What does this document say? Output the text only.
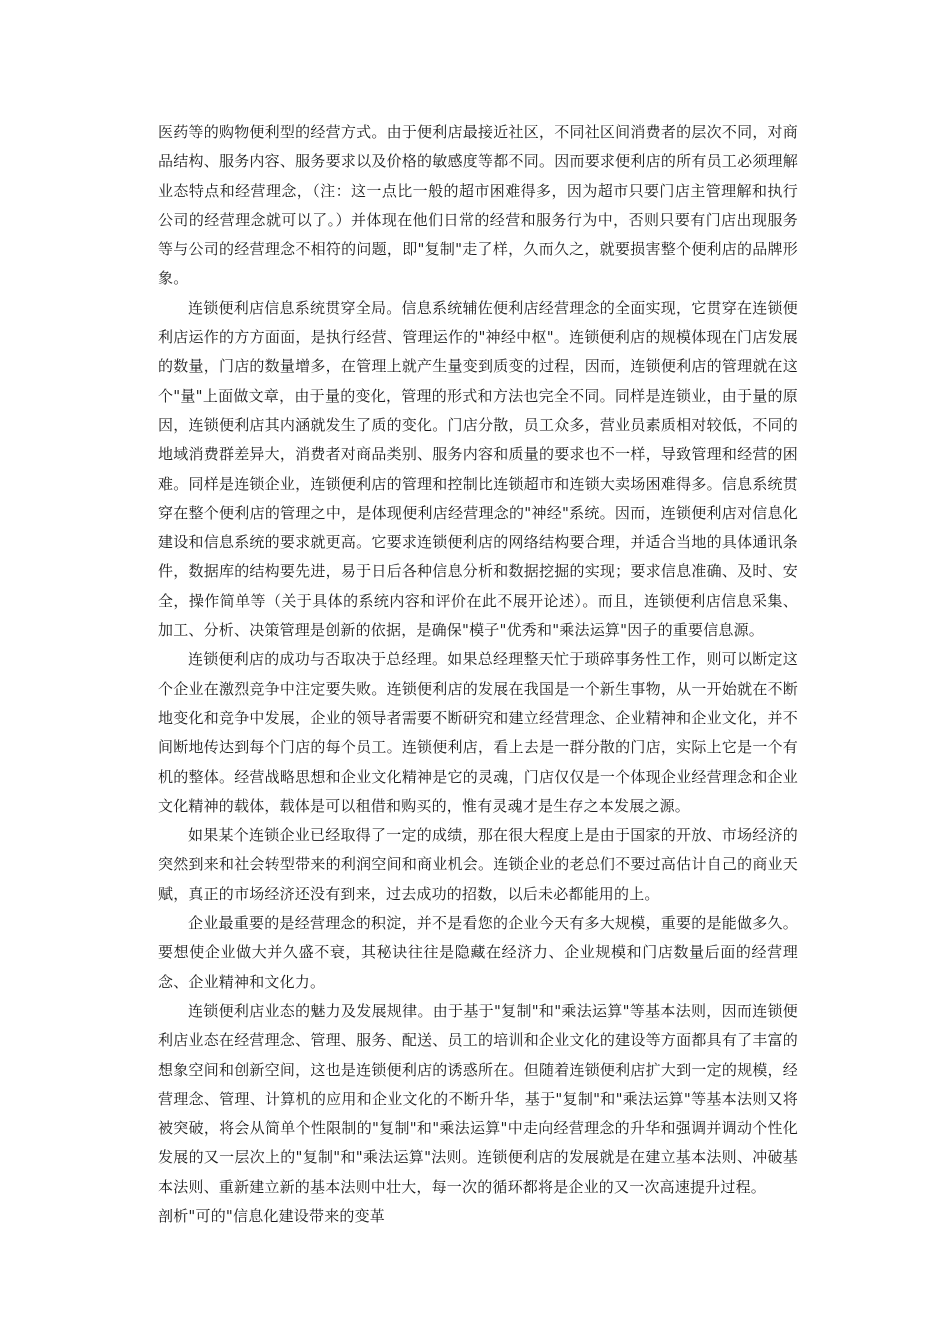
医药等的购物便利型的经营方式。由于便利店最接近社区，不同社区间消费者的层次不同，对商品结构、服务内容、服务要求以及价格的敏感度等都不同。因而要求便利店的所有员工必须理解业态特点和经营理念，（注：这一点比一般的超市困难得多，因为超市只要门店主管理解和执行公司的经营理念就可以了。）并体现在他们日常的经营和服务行为中，否则只要有门店出现服务等与公司的经营理念不相符的问题，即"复制"走了样，久而久之，就要损害整个便利店的品牌形象。

连锁便利店信息系统贯穿全局。信息系统辅佐便利店经营理念的全面实现，它贯穿在连锁便利店运作的方方面面，是执行经营、管理运作的"神经中枢"。连锁便利店的规模体现在门店发展的数量，门店的数量增多，在管理上就产生量变到质变的过程，因而，连锁便利店的管理就在这个"量"上面做文章，由于量的变化，管理的形式和方法也完全不同。同样是连锁业，由于量的原因，连锁便利店其内涵就发生了质的变化。门店分散，员工众多，营业员素质相对较低，不同的地域消费群差异大，消费者对商品类别、服务内容和质量的要求也不一样，导致管理和经营的困难。同样是连锁企业，连锁便利店的管理和控制比连锁超市和连锁大卖场困难得多。信息系统贯穿在整个便利店的管理之中，是体现便利店经营理念的"神经"系统。因而，连锁便利店对信息化建设和信息系统的要求就更高。它要求连锁便利店的网络结构要合理，并适合当地的具体通讯条件，数据库的结构要先进，易于日后各种信息分析和数据挖掘的实现；要求信息准确、及时、安全，操作简单等（关于具体的系统内容和评价在此不展开论述）。而且，连锁便利店信息采集、加工、分析、决策管理是创新的依据，是确保"模子"优秀和"乘法运算"因子的重要信息源。

连锁便利店的成功与否取决于总经理。如果总经理整天忙于琐碎事务性工作，则可以断定这个企业在激烈竞争中注定要失败。连锁便利店的发展在我国是一个新生事物，从一开始就在不断地变化和竞争中发展，企业的领导者需要不断研究和建立经营理念、企业精神和企业文化，并不间断地传达到每个门店的每个员工。连锁便利店，看上去是一群分散的门店，实际上它是一个有机的整体。经营战略思想和企业文化精神是它的灵魂，门店仅仅是一个体现企业经营理念和企业文化精神的载体，载体是可以租借和购买的，惟有灵魂才是生存之本发展之源。

如果某个连锁企业已经取得了一定的成绩，那在很大程度上是由于国家的开放、市场经济的突然到来和社会转型带来的利润空间和商业机会。连锁企业的老总们不要过高估计自己的商业天赋，真正的市场经济还没有到来，过去成功的招数，以后未必都能用的上。

企业最重要的是经营理念的积淀，并不是看您的企业今天有多大规模，重要的是能做多久。要想使企业做大并久盛不衰，其秘诀往往是隐藏在经济力、企业规模和门店数量后面的经营理念、企业精神和文化力。

连锁便利店业态的魅力及发展规律。由于基于"复制"和"乘法运算"等基本法则，因而连锁便利店业态在经营理念、管理、服务、配送、员工的培训和企业文化的建设等方面都具有了丰富的想象空间和创新空间，这也是连锁便利店的诱惑所在。但随着连锁便利店扩大到一定的规模，经营理念、管理、计算机的应用和企业文化的不断升华，基于"复制"和"乘法运算"等基本法则又将被突破，将会从简单个性限制的"复制"和"乘法运算"中走向经营理念的升华和强调并调动个性化发展的又一层次上的"复制"和"乘法运算"法则。连锁便利店的发展就是在建立基本法则、冲破基本法则、重新建立新的基本法则中壮大，每一次的循环都将是企业的又一次高速提升过程。

剖析"可的"信息化建设带来的变革
